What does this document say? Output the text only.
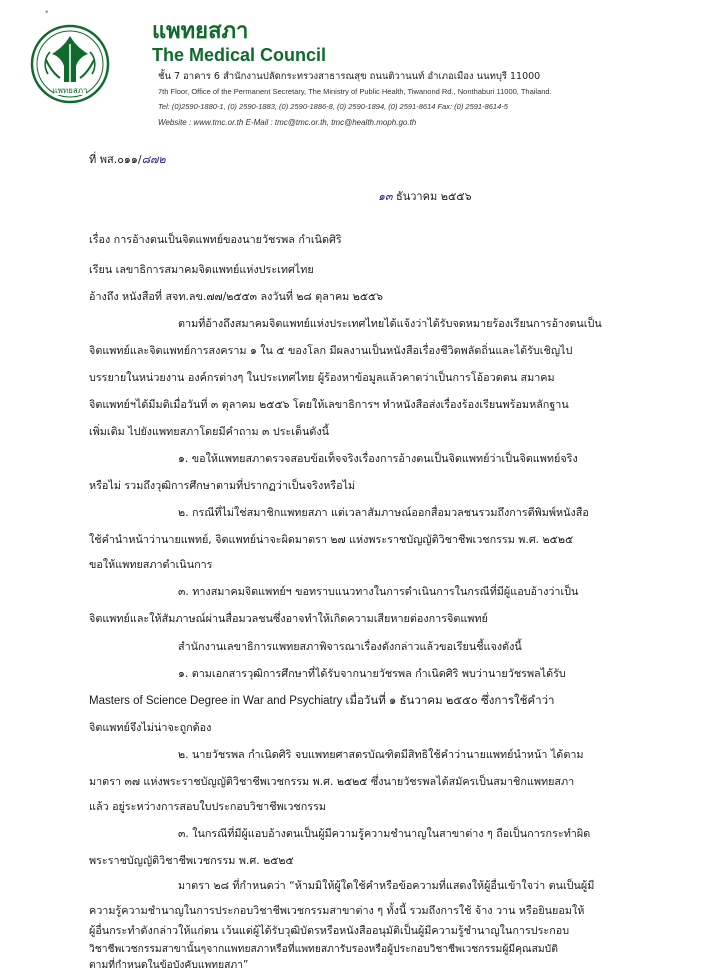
•
แพทยสภา
แพทยสภา
The Medical Council
ชั้น 7 อาคาร 6 สำนักงานปลัดกระทรวงสาธารณสุข ถนนติวานนท์ อำเภอเมือง นนทบุรี 11000
7th Floor, Office of the Permanent Secretary, The Ministry of Public Health, Tiwanond Rd., Nonthaburi 11000, Thailand.
Tel: (0)2590-1880-1, (0) 2590-1883, (0) 2590-1886-8, (0) 2590-1894, (0) 2591-8614 Fax: (0) 2591-8614-5
Website : www.tmc.or.th E-Mail : tmc@tmc.or.th, tmc@health.moph.go.th
ที่ พส.๐๑๑/๘๗๒
๑๓ ธันวาคม ๒๕๕๖
เรื่อง การอ้างตนเป็นจิตแพทย์ของนายวัชรพล กำเนิดศิริ
เรียน เลขาธิการสมาคมจิตแพทย์แห่งประเทศไทย
อ้างถึง หนังสือที่ สจท.ลข.๗๗/๒๕๕๓ ลงวันที่ ๒๘ ตุลาคม ๒๕๕๖
ตามที่อ้างถึงสมาคมจิตแพทย์แห่งประเทศไทยได้แจ้งว่าได้รับจดหมายร้องเรียนการอ้างตนเป็น
จิตแพทย์และจิตแพทย์การสงคราม ๑ ใน ๕ ของโลก มีผลงานเป็นหนังสือเรื่องชีวิตพลัดถิ่นและได้รับเชิญไป
บรรยายในหน่วยงาน องค์กรต่างๆ ในประเทศไทย ผู้ร้องหาข้อมูลแล้วคาดว่าเป็นการโอ้อวดตน สมาคม
จิตแพทย์ฯได้มีมติเมื่อวันที่ ๓ ตุลาคม ๒๕๕๖ โดยให้เลขาธิการฯ ทำหนังสือส่งเรื่องร้องเรียนพร้อมหลักฐาน
เพิ่มเติม ไปยังแพทยสภาโดยมีคำถาม ๓ ประเด็นดังนี้
๑. ขอให้แพทยสภาตรวจสอบข้อเท็จจริงเรื่องการอ้างตนเป็นจิตแพทย์ว่าเป็นจิตแพทย์จริง
หรือไม่ รวมถึงวุฒิการศึกษาตามที่ปรากฏว่าเป็นจริงหรือไม่
๒. กรณีที่ไม่ใช่สมาชิกแพทยสภา แต่เวลาสัมภาษณ์ออกสื่อมวลชนรวมถึงการตีพิมพ์หนังสือ
ใช้คำนำหน้าว่านายแพทย์, จิตแพทย์น่าจะผิดมาตรา ๒๗ แห่งพระราชบัญญัติวิชาชีพเวชกรรม พ.ศ. ๒๕๒๕
ขอให้แพทยสภาดำเนินการ
๓. ทางสมาคมจิตแพทย์ฯ ขอทราบแนวทางในการดำเนินการในกรณีที่มีผู้แอบอ้างว่าเป็น
จิตแพทย์และให้สัมภาษณ์ผ่านสื่อมวลชนซึ่งอาจทำให้เกิดความเสียหายต่องการจิตแพทย์
สำนักงานเลขาธิการแพทยสภาพิจารณาเรื่องดังกล่าวแล้วขอเรียนชี้แจงดังนี้
๑. ตามเอกสารวุฒิการศึกษาที่ได้รับจากนายวัชรพล กำเนิดศิริ พบว่านายวัชรพลได้รับ
Masters of Science Degree in War and Psychiatry เมื่อวันที่ ๑ ธันวาคม ๒๕๕๐ ซึ่งการใช้คำว่า
จิตแพทย์จึงไม่น่าจะถูกต้อง
๒. นายวัชรพล กำเนิดศิริ จบแพทยศาสตรบัณฑิตมีสิทธิใช้คำว่านายแพทย์นำหน้า ได้ตาม
มาตรา ๓๗ แห่งพระราชบัญญัติวิชาชีพเวชกรรม พ.ศ. ๒๕๒๕ ซึ่งนายวัชรพลได้สมัครเป็นสมาชิกแพทยสภา
แล้ว อยู่ระหว่างการสอบใบประกอบวิชาชีพเวชกรรม
๓. ในกรณีที่มีผู้แอบอ้างตนเป็นผู้มีความรู้ความชำนาญในสาขาต่าง ๆ ถือเป็นการกระทำผิด
พระราชบัญญัติวิชาชีพเวชกรรม พ.ศ. ๒๕๒๕
มาตรา ๒๘ ที่กำหนดว่า “ห้ามมิให้ผู้ใดใช้คำหรือข้อความที่แสดงให้ผู้อื่นเข้าใจว่า ตนเป็นผู้มี
ความรู้ความชำนาญในการประกอบวิชาชีพเวชกรรมสาขาต่าง ๆ ทั้งนี้ รวมถึงการใช้ จ้าง วาน หรือยินยอมให้
ผู้อื่นกระทำดังกล่าวให้แก่ตน เว้นแต่ผู้ได้รับวุฒิบัตรหรือหนังสืออนุมัติเป็นผู้มีความรู้ชำนาญในการประกอบ
วิชาชีพเวชกรรมสาขานั้นๆจากแพทยสภาหรือที่แพทยสภารับรองหรือผู้ประกอบวิชาชีพเวชกรรมผู้มีคุณสมบัติ
ตามที่กำหนดในข้อบังคับแพทยสภา”
